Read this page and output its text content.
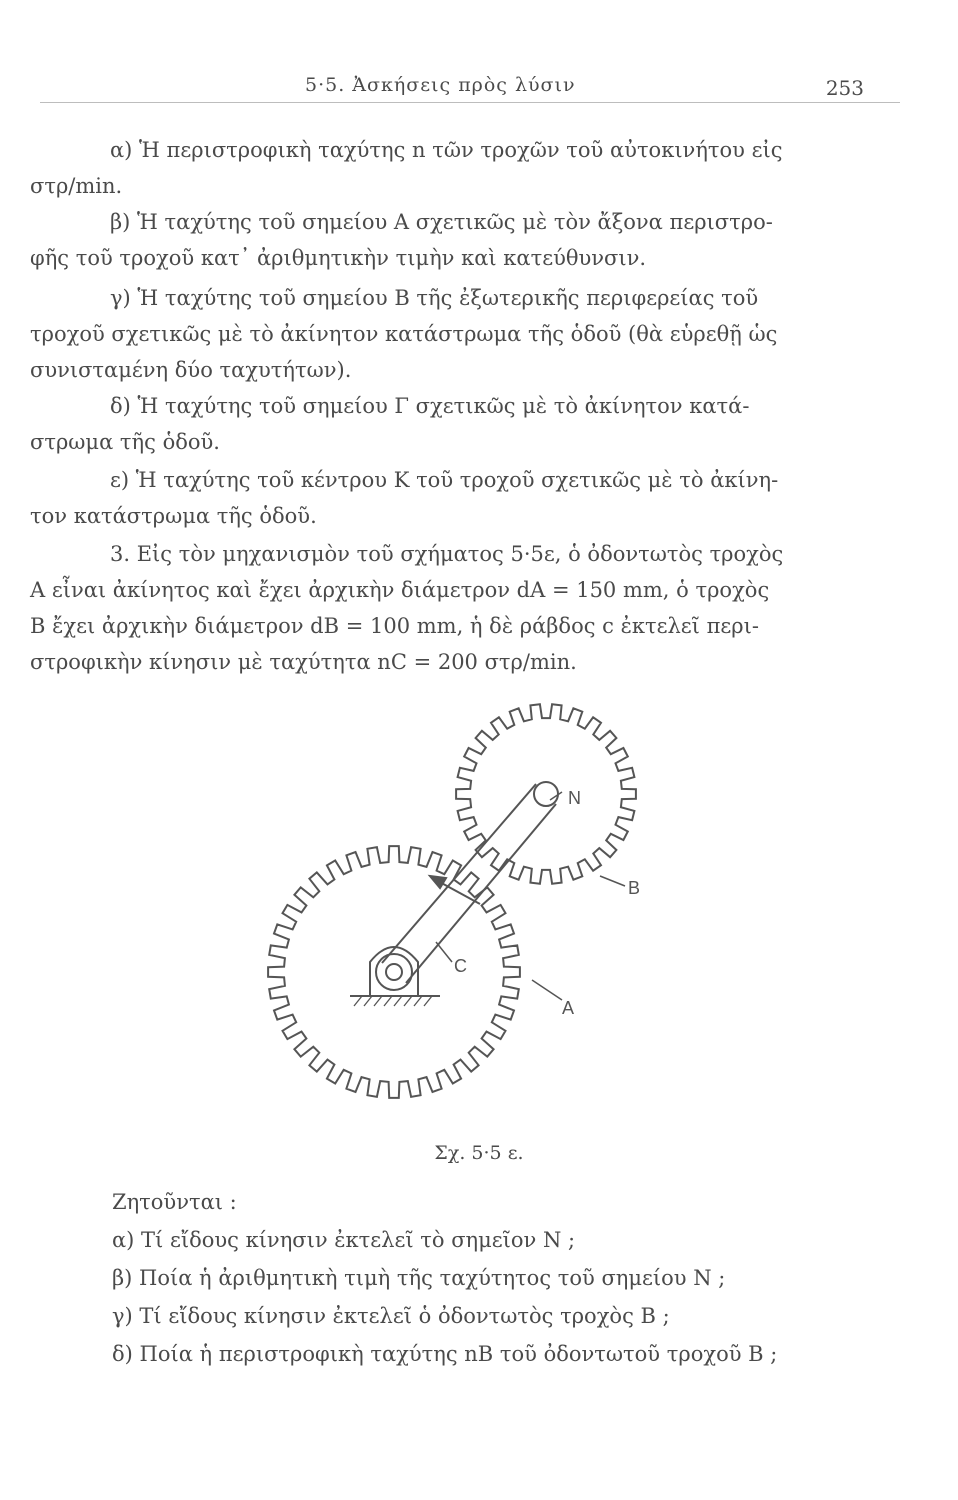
5·5. Ἀσκήσεις πρὸς λύσιν	253
α) Ἡ περιστροφικὴ ταχύτης n τῶν τροχῶν τοῦ αὐτοκινήτου εἰς
στρ/min.
β) Ἡ ταχύτης τοῦ σημείου A σχετικῶς μὲ τὸν ἄξονα περιστρο-
φῆς τοῦ τροχοῦ κατ᾽ ἀριθμητικὴν τιμὴν καὶ κατεύθυνσιν.
γ) Ἡ ταχύτης τοῦ σημείου B τῆς ἐξωτερικῆς περιφερείας τοῦ
τροχοῦ σχετικῶς μὲ τὸ ἀκίνητον κατάστρωμα τῆς ὁδοῦ (θὰ εὑρεθῇ ὡς
συνισταμένη δύο ταχυτήτων).
δ) Ἡ ταχύτης τοῦ σημείου Γ σχετικῶς μὲ τὸ ἀκίνητον κατά-
στρωμα τῆς ὁδοῦ.
ε) Ἡ ταχύτης τοῦ κέντρου K τοῦ τροχοῦ σχετικῶς μὲ τὸ ἀκίνη-
τον κατάστρωμα τῆς ὁδοῦ.
3. Εἰς τὸν μηχανισμὸν τοῦ σχήματος 5·5ε, ὁ ὀδοντωτὸς τροχὸς
A εἶναι ἀκίνητος καὶ ἔχει ἀρχικὴν διάμετρον dA = 150 mm, ὁ τροχὸς
B ἔχει ἀρχικὴν διάμετρον dB = 100 mm, ἡ δὲ ράβδος c ἐκτελεῖ περι-
στροφικὴν κίνησιν μὲ ταχύτητα nC = 200 στρ/min.
N
B
C
A
Σχ. 5·5 ε.
Ζητοῦνται :
α) Τί εἴδους κίνησιν ἐκτελεῖ τὸ σημεῖον N ;
β) Ποία ἡ ἀριθμητικὴ τιμὴ τῆς ταχύτητος τοῦ σημείου N ;
γ) Τί εἴδους κίνησιν ἐκτελεῖ ὁ ὀδοντωτὸς τροχὸς B ;
δ) Ποία ἡ περιστροφικὴ ταχύτης nB τοῦ ὀδοντωτοῦ τροχοῦ B ;
